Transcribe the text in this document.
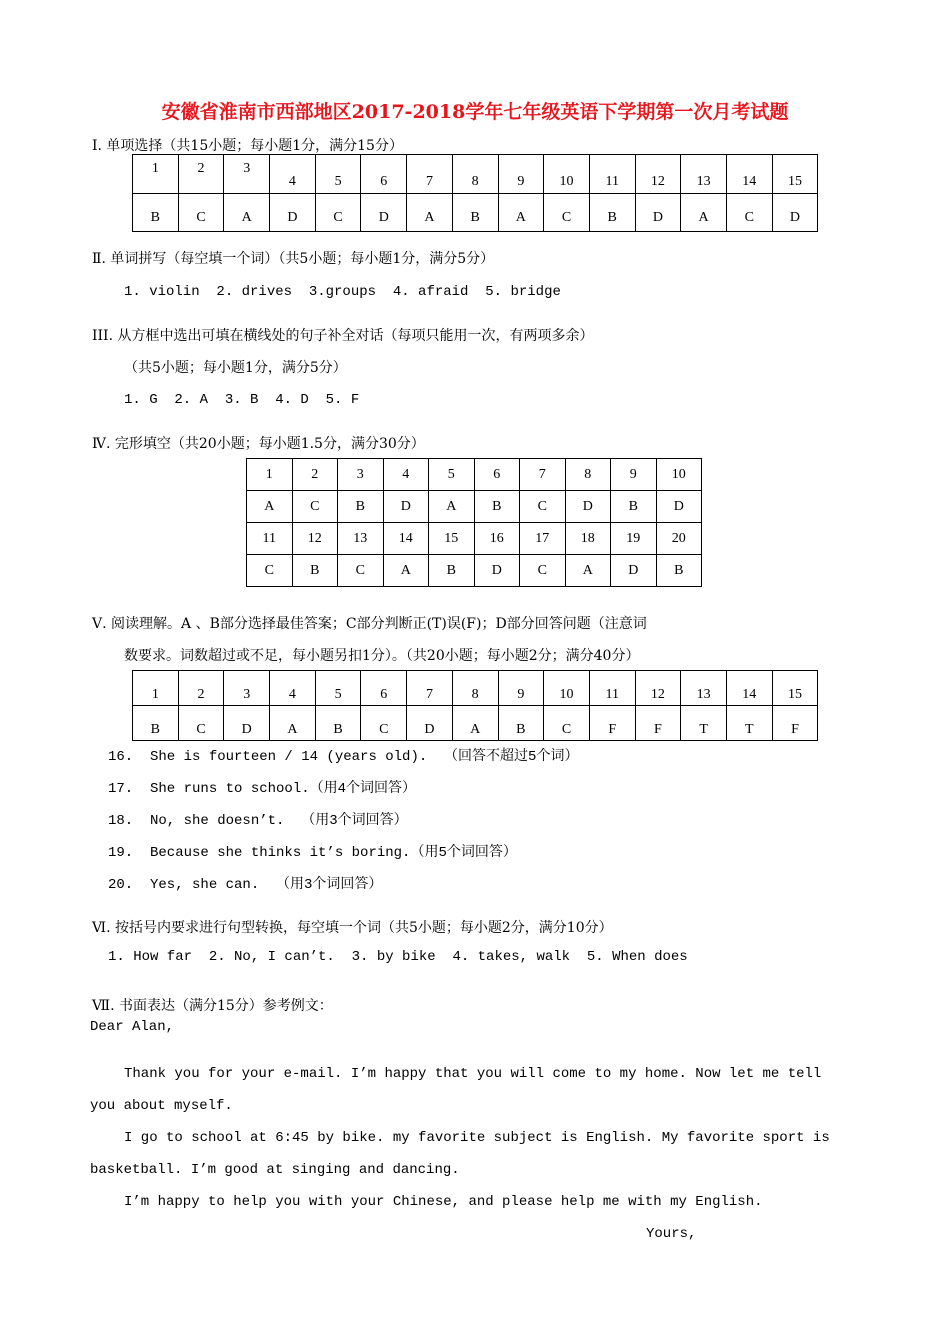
安徽省淮南市西部地区2017-2018学年七年级英语下学期第一次月考试题
Ⅰ. 单项选择（共15小题；每小题1分，满分15分）
1	2	3	4	5	6	7	8	9	10	11	12	13	14	15
B	C	A	D	C	D	A	B	A	C	B	D	A	C	D
Ⅱ. 单词拼写（每空填一个词）（共5小题；每小题1分，满分5分）
1. violin  2. drives  3.groups  4. afraid  5. bridge
III. 从方框中选出可填在横线处的句子补全对话（每项只能用一次，有两项多余）
（共5小题；每小题1分，满分5分）
1. G  2. A  3. B  4. D  5. F
Ⅳ. 完形填空（共20小题；每小题1.5分，满分30分）
1	2	3	4	5	6	7	8	9	10
A	C	B	D	A	B	C	D	B	D
11	12	13	14	15	16	17	18	19	20
C	B	C	A	B	D	C	A	D	B
Ⅴ. 阅读理解。A 、B部分选择最佳答案；C部分判断正(T)误(F)；D部分回答问题（注意词
数要求。词数超过或不足，每小题另扣1分）。（共20小题；每小题2分；满分40分）
1	2	3	4	5	6	7	8	9	10	11	12	13	14	15
B	C	D	A	B	C	D	A	B	C	F	F	T	T	F
16.  She is fourteen / 14 (years old).  （回答不超过5个词）
17.  She runs to school.（用4个词回答）
18.  No, she doesn’t.  （用3个词回答）
19.  Because she thinks it’s boring.（用5个词回答）
20.  Yes, she can.  （用3个词回答）
Ⅵ. 按括号内要求进行句型转换，每空填一个词（共5小题；每小题2分，满分10分）
1. How far  2. No, I can’t.  3. by bike  4. takes, walk  5. When does
Ⅶ. 书面表达（满分15分）参考例文：
Dear Alan,
Thank you for your e-mail. I’m happy that you will come to my home. Now let me tell
you about myself.
I go to school at 6:45 by bike. my favorite subject is English. My favorite sport is
basketball. I’m good at singing and dancing.
I’m happy to help you with your Chinese, and please help me with my English.
Yours,
